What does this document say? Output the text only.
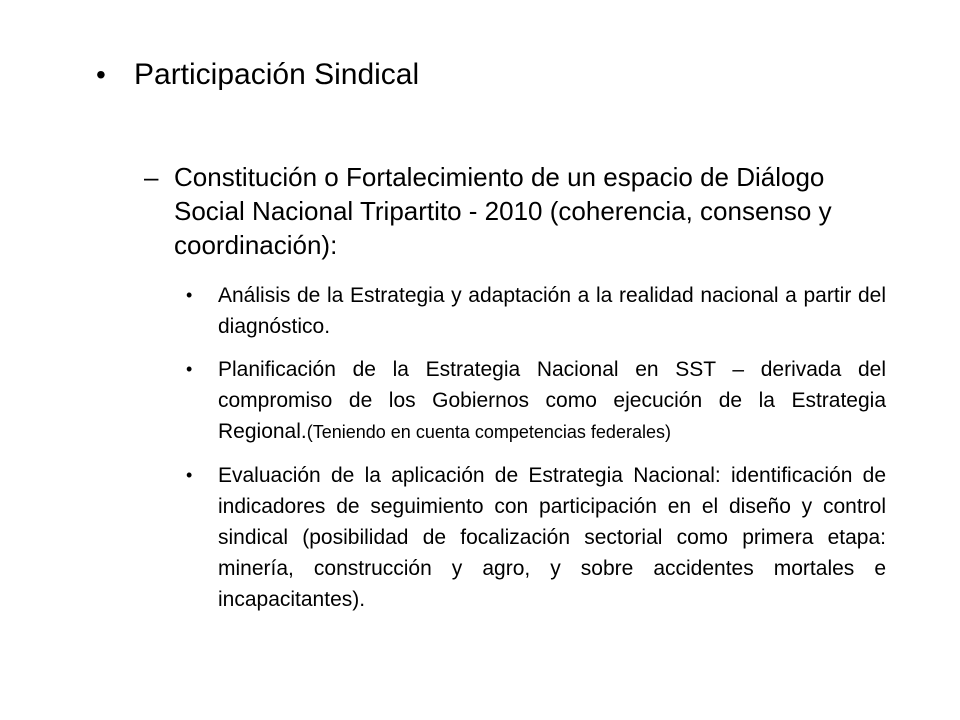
• Participación Sindical
– Constitución o Fortalecimiento de un espacio de Diálogo Social Nacional Tripartito - 2010 (coherencia, consenso y coordinación):
•	Análisis de la Estrategia y adaptación a la realidad nacional a partir del diagnóstico.
•	Planificación de la Estrategia Nacional en SST – derivada del compromiso de los Gobiernos como ejecución de la Estrategia Regional.(Teniendo en cuenta competencias federales)
•	Evaluación de la aplicación de Estrategia Nacional: identificación de indicadores de seguimiento con participación en el diseño y control sindical (posibilidad de focalización sectorial como primera etapa: minería, construcción y agro, y sobre accidentes mortales e incapacitantes).
